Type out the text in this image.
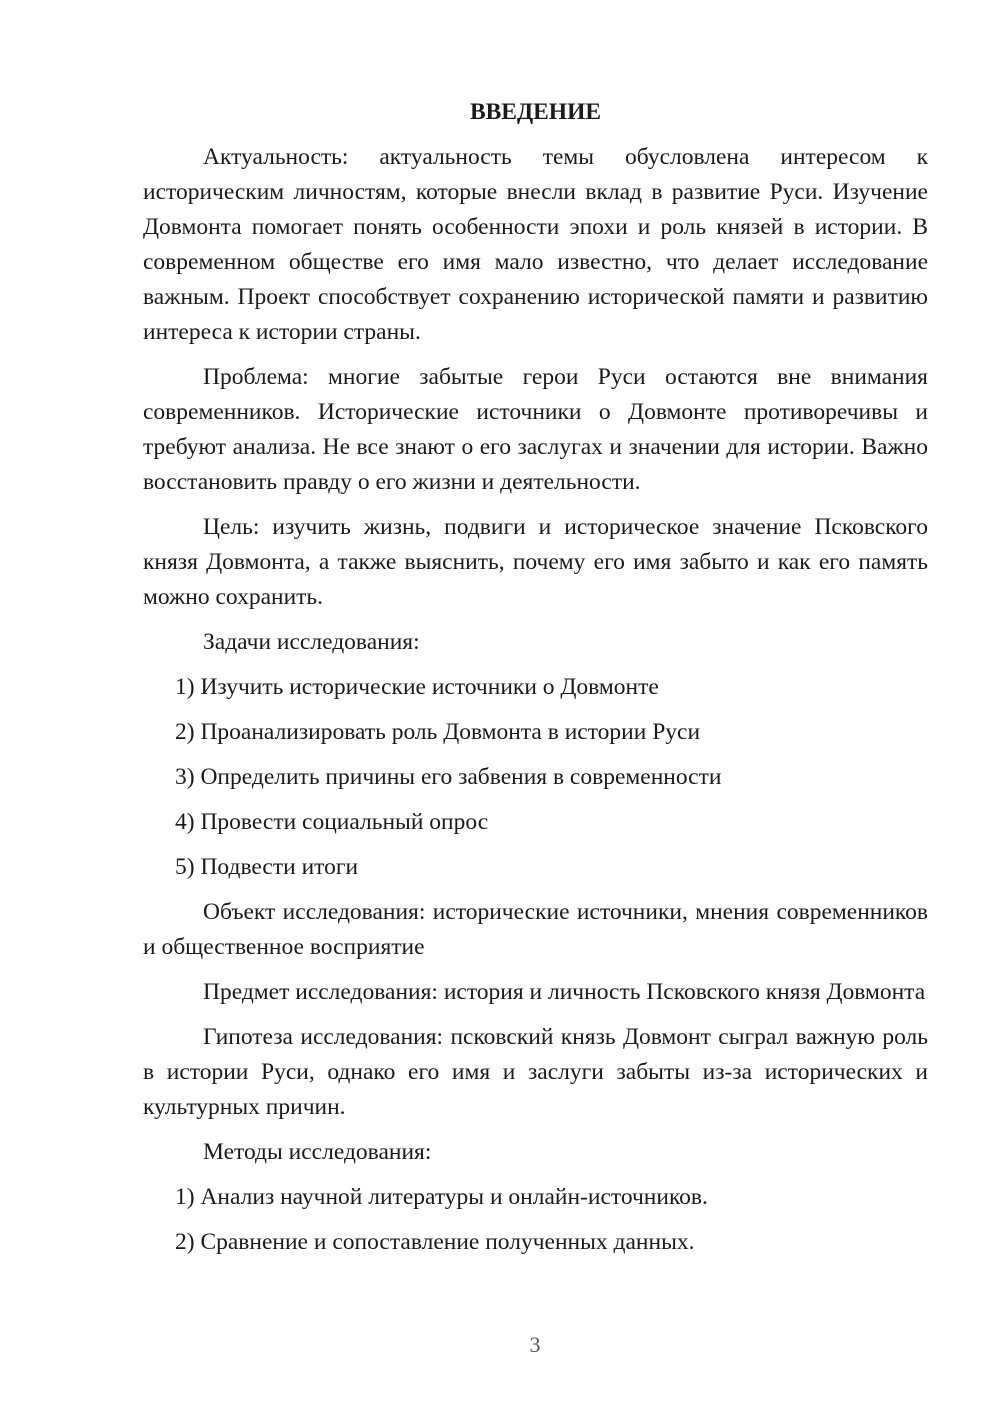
ВВЕДЕНИЕ
Актуальность: актуальность темы обусловлена интересом к историческим личностям, которые внесли вклад в развитие Руси. Изучение Довмонта помогает понять особенности эпохи и роль князей в истории. В современном обществе его имя мало известно, что делает исследование важным. Проект способствует сохранению исторической памяти и развитию интереса к истории страны.
Проблема: многие забытые герои Руси остаются вне внимания современников. Исторические источники о Довмонте противоречивы и требуют анализа. Не все знают о его заслугах и значении для истории. Важно восстановить правду о его жизни и деятельности.
Цель: изучить жизнь, подвиги и историческое значение Псковского князя Довмонта, а также выяснить, почему его имя забыто и как его память можно сохранить.
Задачи исследования:
1) Изучить исторические источники о Довмонте
2) Проанализировать роль Довмонта в истории Руси
3) Определить причины его забвения в современности
4) Провести социальный опрос
5) Подвести итоги
Объект исследования: исторические источники, мнения современников и общественное восприятие
Предмет исследования: история и личность Псковского князя Довмонта
Гипотеза исследования: псковский князь Довмонт сыграл важную роль в истории Руси, однако его имя и заслуги забыты из-за исторических и культурных причин.
Методы исследования:
1) Анализ научной литературы и онлайн-источников.
2) Сравнение и сопоставление полученных данных.
3
